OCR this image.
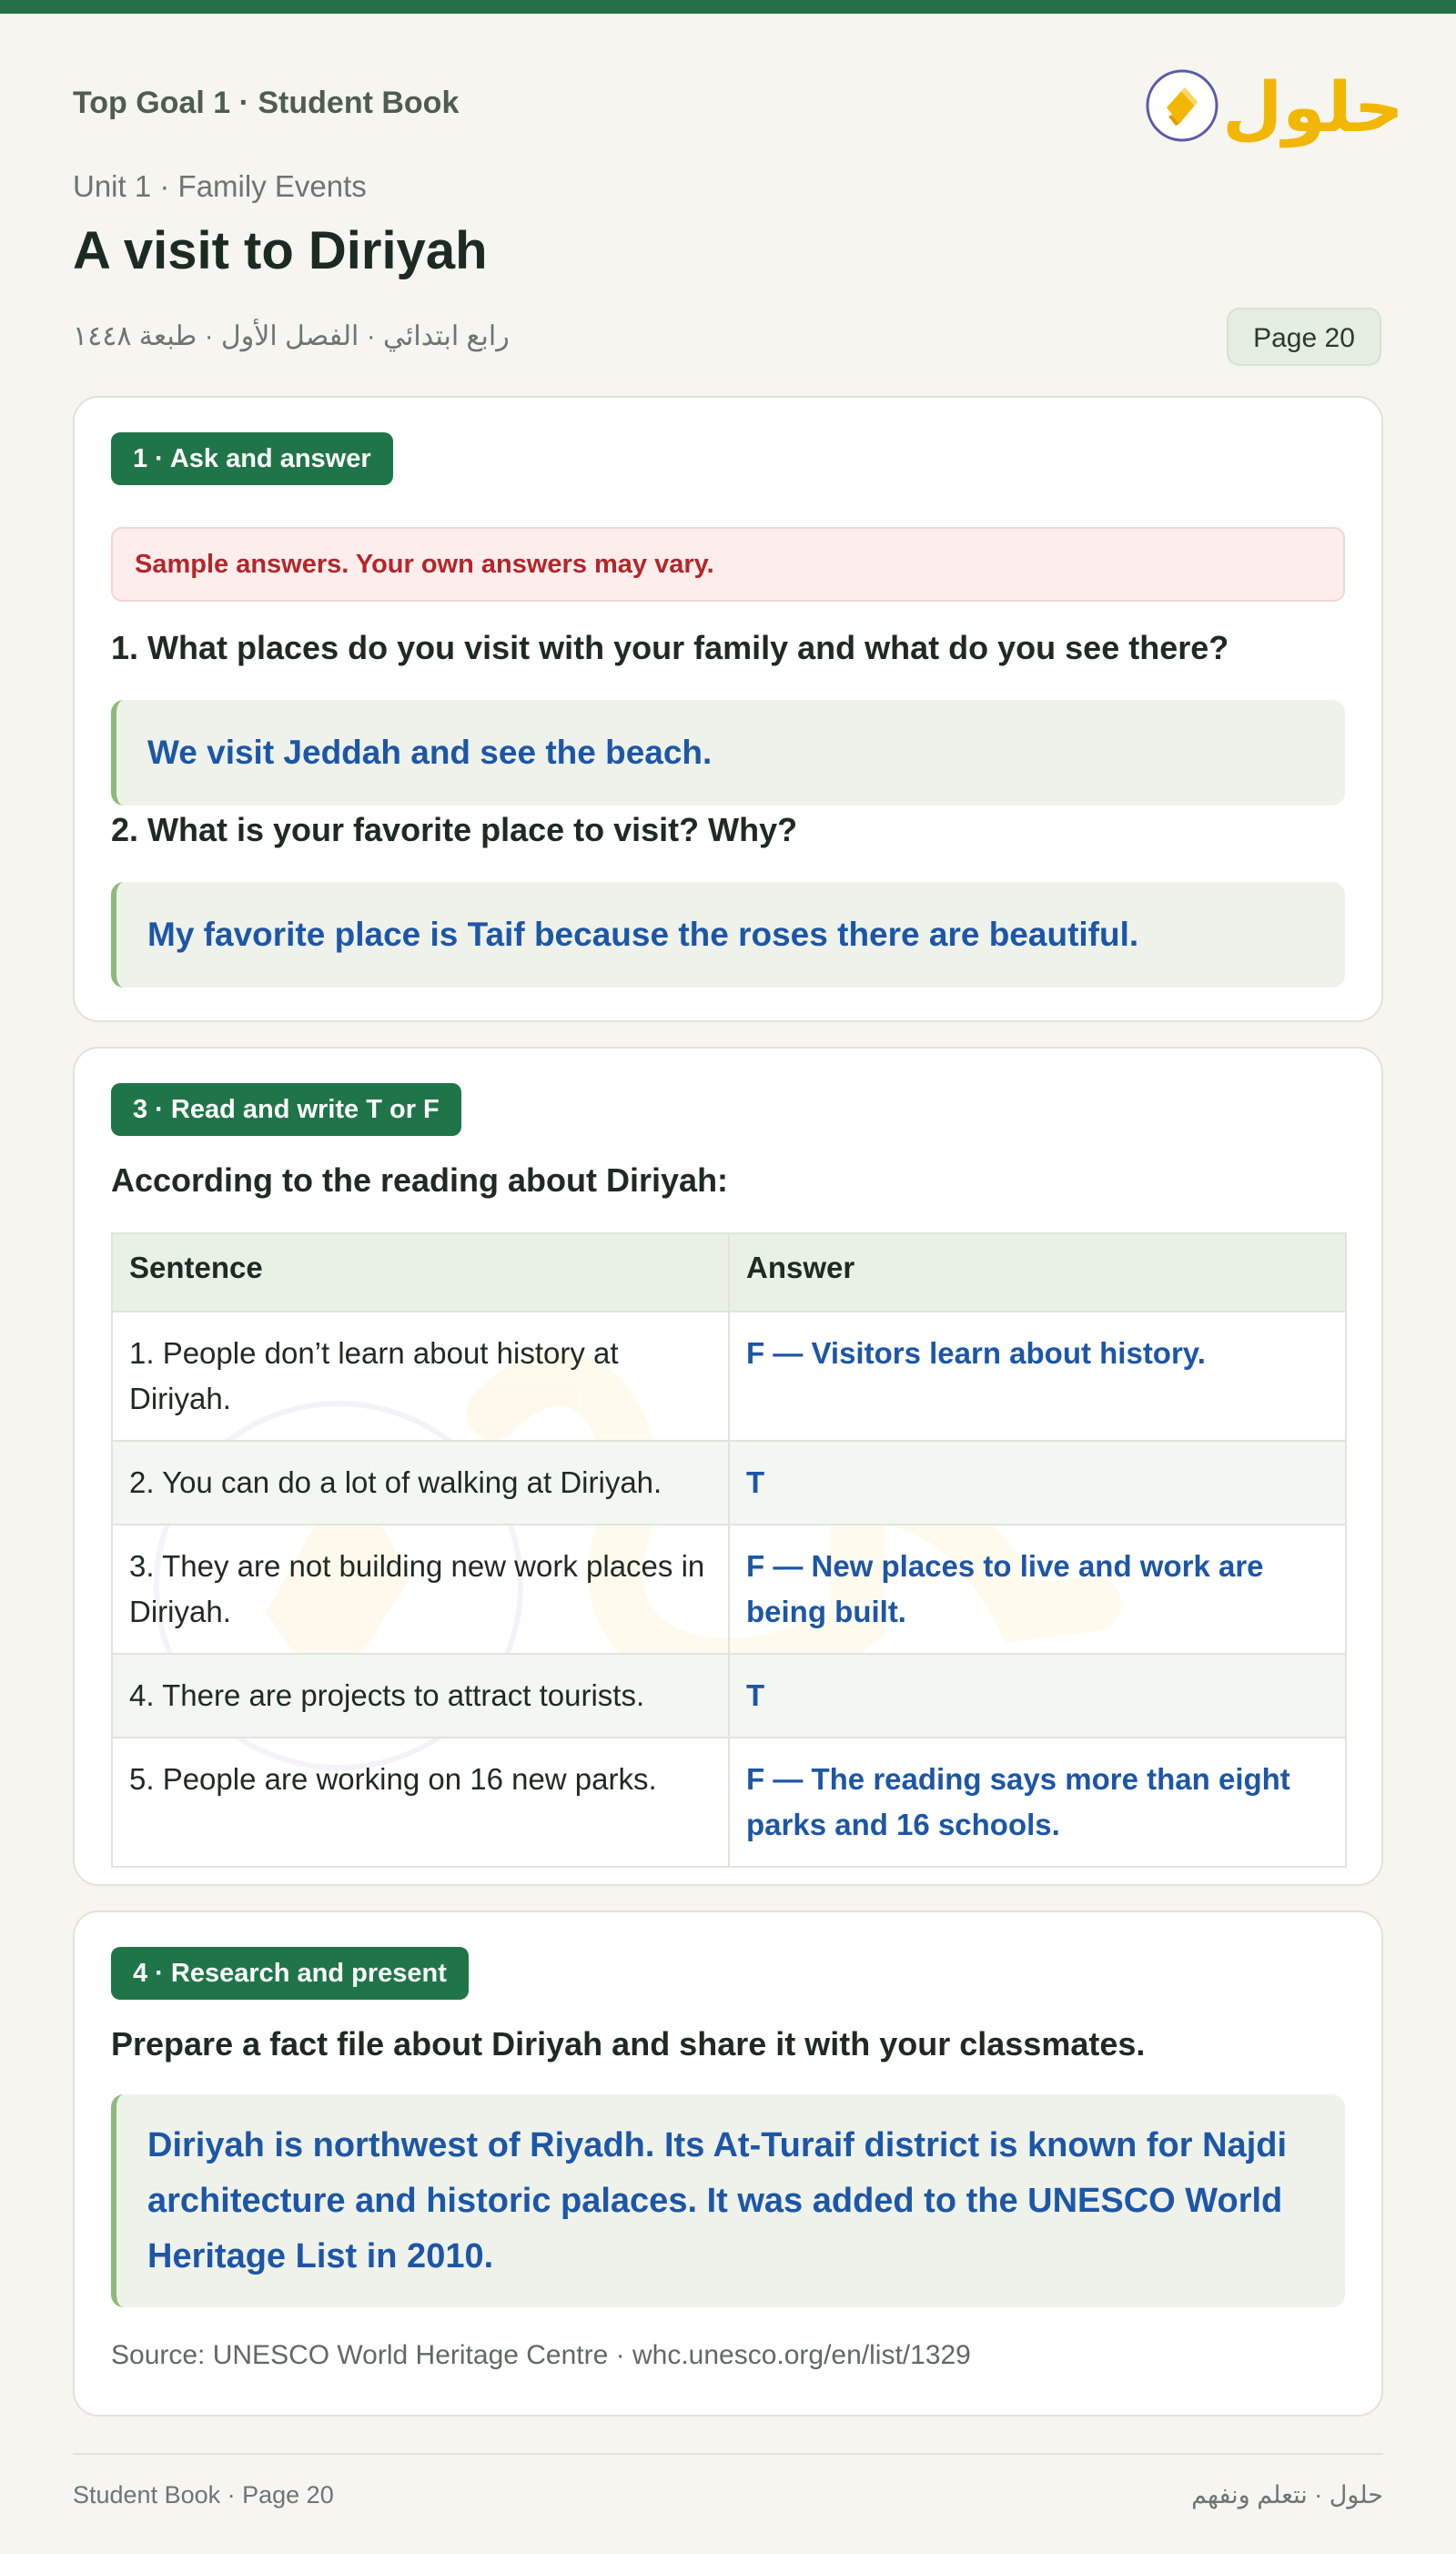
Top Goal 1 · Student Book	حلول
Unit 1 · Family Events
A visit to Diriyah
رابع ابتدائي · الفصل الأول · طبعة ١٤٤٨	Page 20
1 · Ask and answer
Sample answers. Your own answers may vary.
1. What places do you visit with your family and what do you see there?
We visit Jeddah and see the beach.
2. What is your favorite place to visit? Why?
My favorite place is Taif because the roses there are beautiful.
3 · Read and write T or F
According to the reading about Diriyah:
Sentence	Answer
1. People don’t learn about history at Diriyah.	F — Visitors learn about history.
2. You can do a lot of walking at Diriyah.	T
3. They are not building new work places in Diriyah.	F — New places to live and work are being built.
4. There are projects to attract tourists.	T
5. People are working on 16 new parks.	F — The reading says more than eight parks and 16 schools.
4 · Research and present
Prepare a fact file about Diriyah and share it with your classmates.
Diriyah is northwest of Riyadh. Its At-Turaif district is known for Najdi architecture and historic palaces. It was added to the UNESCO World Heritage List in 2010.
Source: UNESCO World Heritage Centre · whc.unesco.org/en/list/1329
Student Book · Page 20	حلول · نتعلم ونفهم
